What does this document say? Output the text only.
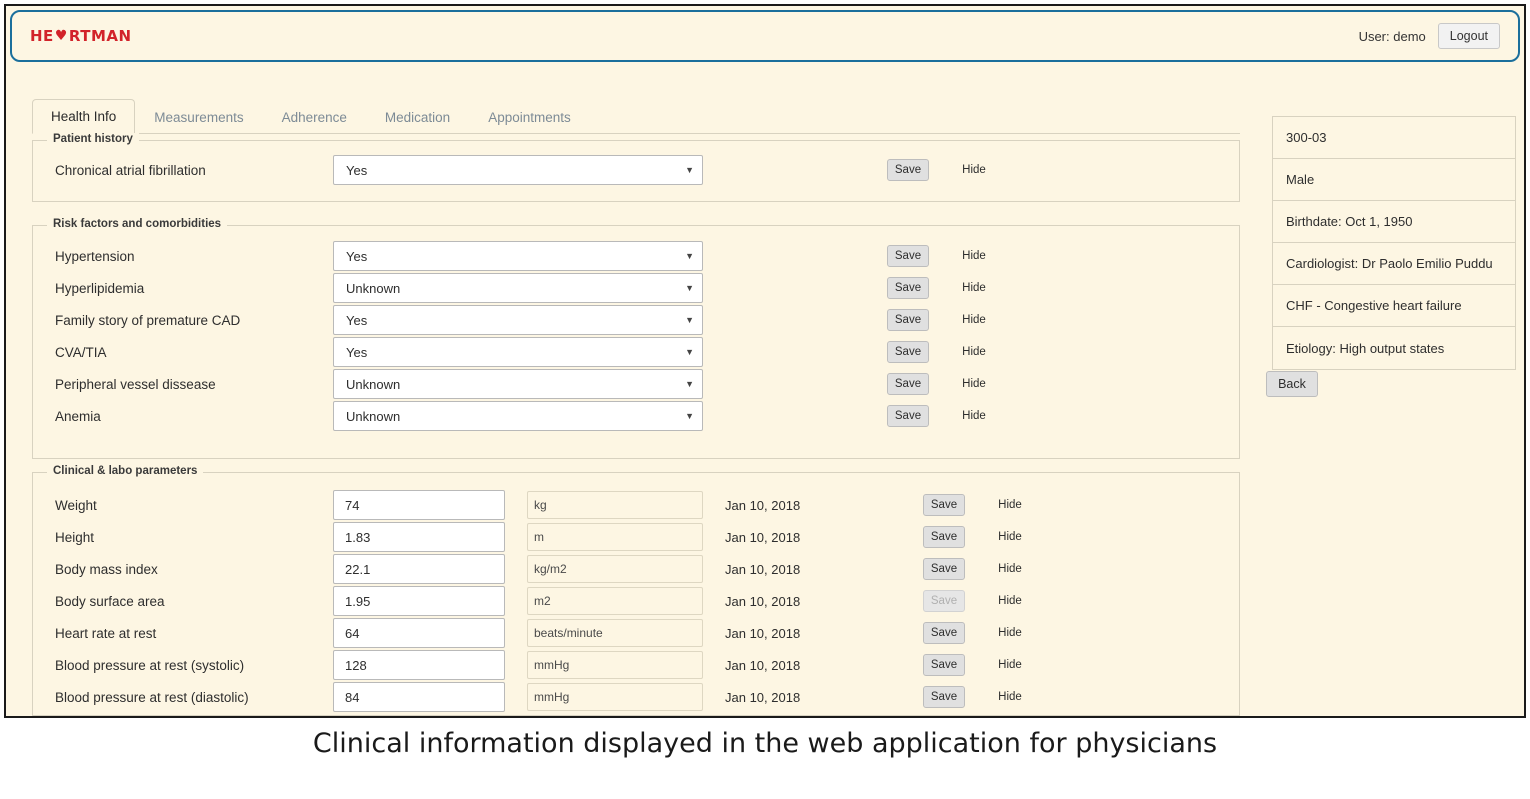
HE ♥ RTMAN	User: demo	Logout
Health Info	Measurements	Adherence	Medication	Appointments
Patient history
Chronical atrial fibrillation	Yes	▼	Save	Hide
Risk factors and comorbidities
Hypertension	Yes	▼	Save	Hide
Hyperlipidemia	Unknown	▼	Save	Hide
Family story of premature CAD	Yes	▼	Save	Hide
CVA/TIA	Yes	▼	Save	Hide
Peripheral vessel dissease	Unknown	▼	Save	Hide
Anemia	Unknown	▼	Save	Hide
Clinical & labo parameters
Weight	74	kg	Jan 10, 2018	Save	Hide
Height	1.83	m	Jan 10, 2018	Save	Hide
Body mass index	22.1	kg/m2	Jan 10, 2018	Save	Hide
Body surface area	1.95	m2	Jan 10, 2018	Save	Hide
Heart rate at rest	64	beats/minute	Jan 10, 2018	Save	Hide
Blood pressure at rest (systolic)	128	mmHg	Jan 10, 2018	Save	Hide
Blood pressure at rest (diastolic)	84	mmHg	Jan 10, 2018	Save	Hide
300-03
Male
Birthdate: Oct 1, 1950
Cardiologist: Dr Paolo Emilio Puddu
CHF - Congestive heart failure
Etiology: High output states
Back
Clinical information displayed in the web application for physicians
